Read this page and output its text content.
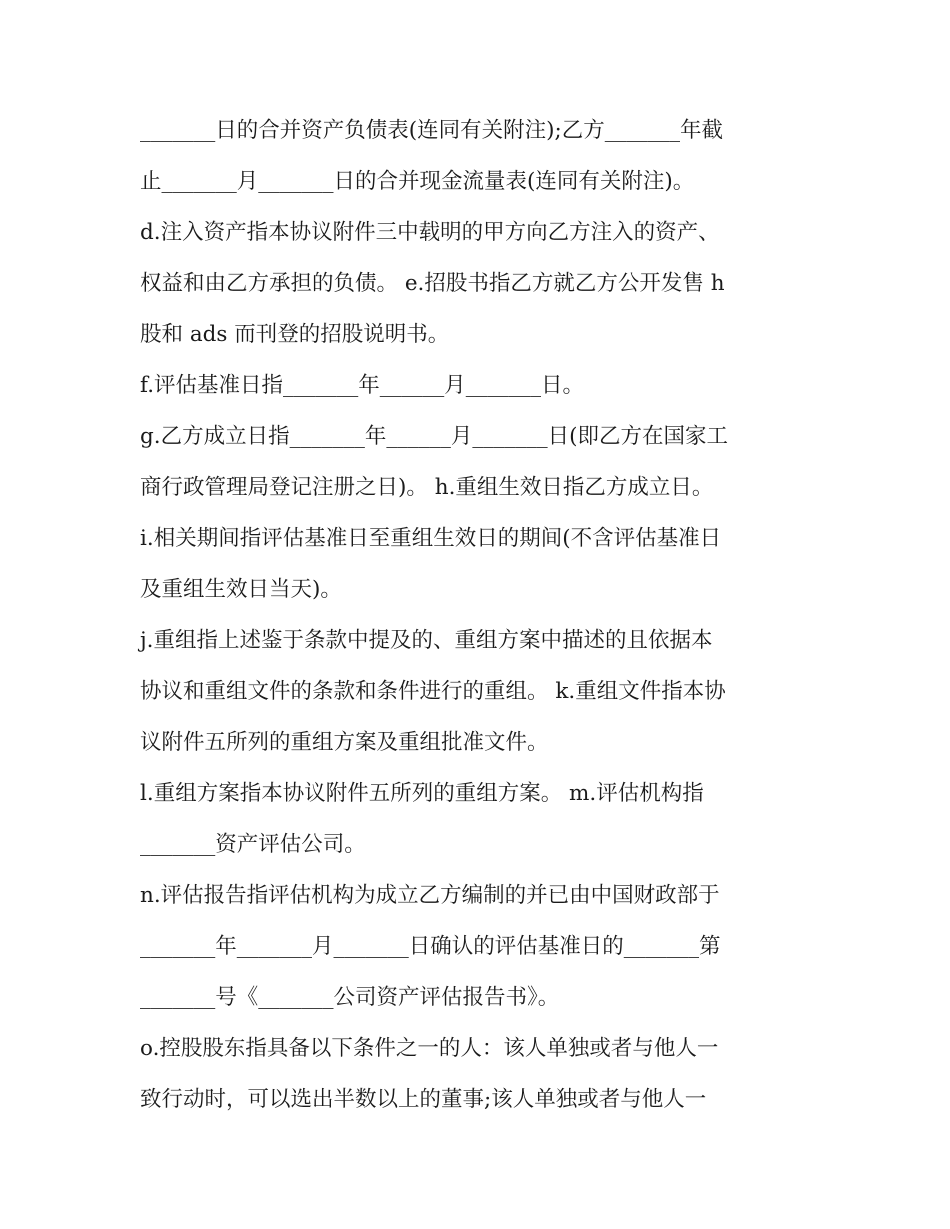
_______日的合并资产负债表(连同有关附注);乙方_______年截
止_______月_______日的合并现金流量表(连同有关附注)。
d.注入资产指本协议附件三中载明的甲方向乙方注入的资产、
权益和由乙方承担的负债。 e.招股书指乙方就乙方公开发售 h
股和 ads 而刊登的招股说明书。
f.评估基准日指_______年______月_______日。
g.乙方成立日指_______年______月_______日(即乙方在国家工
商行政管理局登记注册之日)。 h.重组生效日指乙方成立日。
i.相关期间指评估基准日至重组生效日的期间(不含评估基准日
及重组生效日当天)。
j.重组指上述鉴于条款中提及的、重组方案中描述的且依据本
协议和重组文件的条款和条件进行的重组。 k.重组文件指本协
议附件五所列的重组方案及重组批准文件。
l.重组方案指本协议附件五所列的重组方案。 m.评估机构指
_______资产评估公司。
n.评估报告指评估机构为成立乙方编制的并已由中国财政部于
_______年_______月_______日确认的评估基准日的_______第
_______号《_______公司资产评估报告书》。
o.控股股东指具备以下条件之一的人：该人单独或者与他人一
致行动时，可以选出半数以上的董事;该人单独或者与他人一
